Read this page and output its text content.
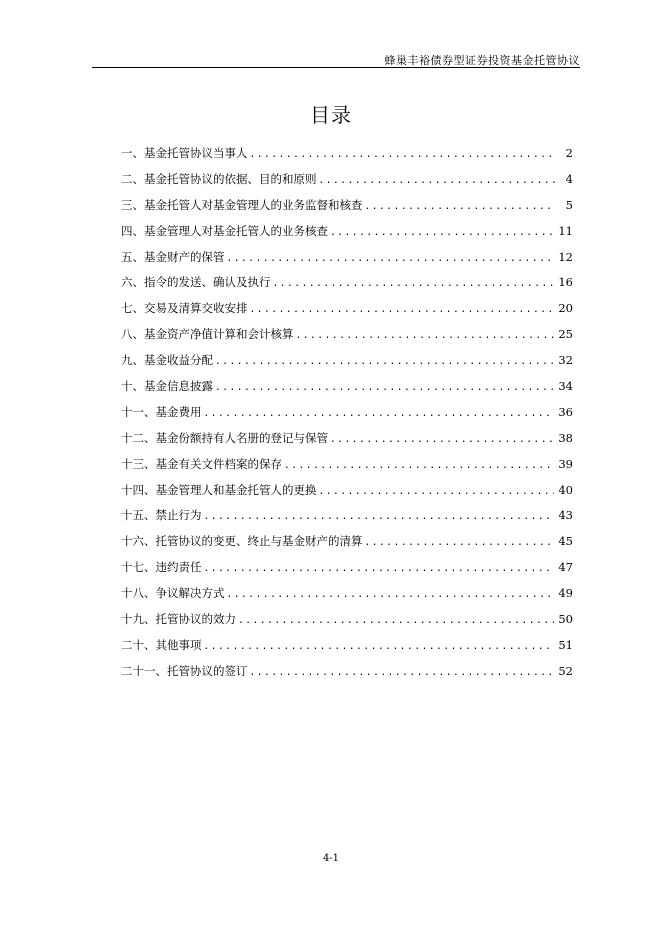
蜂巢丰裕债券型证券投资基金托管协议
目录
一、基金托管协议当事人 .....	2
二、基金托管协议的依据、目的和原则 .....	4
三、基金托管人对基金管理人的业务监督和核查 .....	5
四、基金管理人对基金托管人的业务核查 .....	11
五、基金财产的保管 .....	12
六、指令的发送、确认及执行 .....	16
七、交易及清算交收安排 .....	20
八、基金资产净值计算和会计核算 .....	25
九、基金收益分配 .....	32
十、基金信息披露 .....	34
十一、基金费用 .....	36
十二、基金份额持有人名册的登记与保管 .....	38
十三、基金有关文件档案的保存 .....	39
十四、基金管理人和基金托管人的更换 .....	40
十五、禁止行为 .....	43
十六、托管协议的变更、终止与基金财产的清算 .....	45
十七、违约责任 .....	47
十八、争议解决方式 .....	49
十九、托管协议的效力 .....	50
二十、其他事项 .....	51
二十一、托管协议的签订 .....	52
4-1
